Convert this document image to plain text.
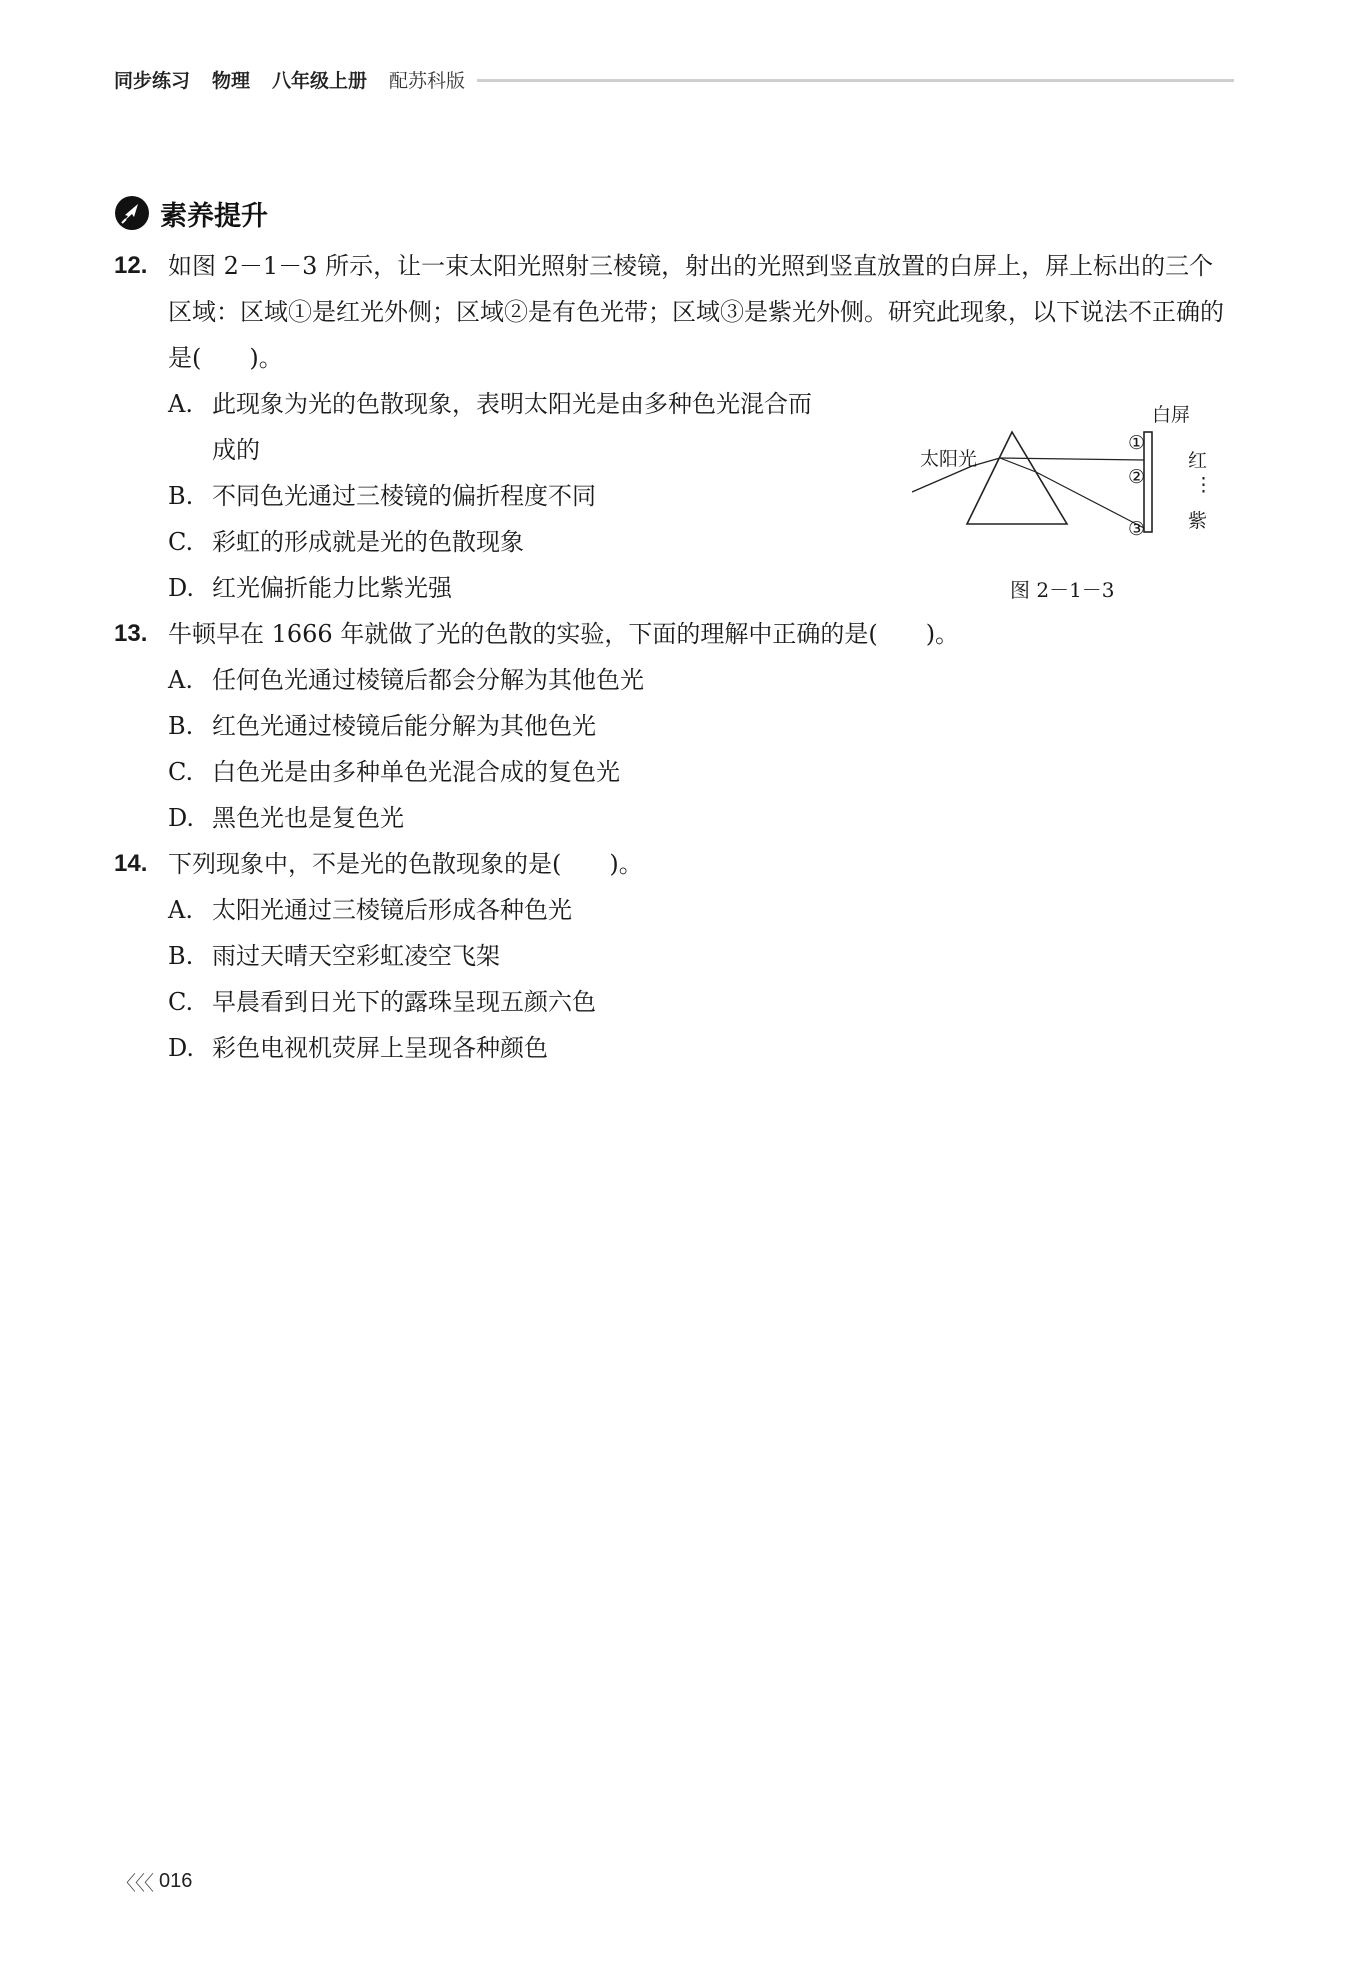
同步练习 物理 八年级上册 配苏科版
素养提升
12. 如图 2－1－3 所示，让一束太阳光照射三棱镜，射出的光照到竖直放置的白屏上，屏上标出的三个区域：区域①是红光外侧；区域②是有色光带；区域③是紫光外侧。研究此现象，以下说法不正确的是(　　)。
A. 此现象为光的色散现象，表明太阳光是由多种色光混合而
成的
B. 不同色光通过三棱镜的偏折程度不同
C. 彩虹的形成就是光的色散现象
D. 红光偏折能力比紫光强
太阳光
白屏
①
②
③
红
⋮
紫
图 2－1－3
13. 牛顿早在 1666 年就做了光的色散的实验，下面的理解中正确的是(　　)。
A. 任何色光通过棱镜后都会分解为其他色光
B. 红色光通过棱镜后能分解为其他色光
C. 白色光是由多种单色光混合成的复色光
D. 黑色光也是复色光
14. 下列现象中，不是光的色散现象的是(　　)。
A. 太阳光通过三棱镜后形成各种色光
B. 雨过天晴天空彩虹凌空飞架
C. 早晨看到日光下的露珠呈现五颜六色
D. 彩色电视机荧屏上呈现各种颜色
〈〈〈 016
